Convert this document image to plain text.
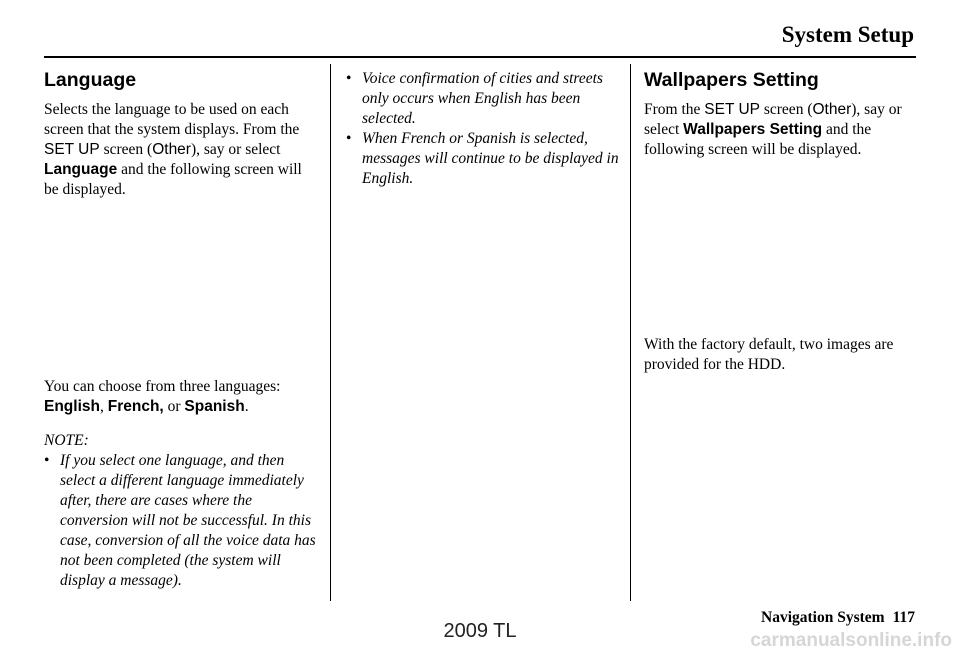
System Setup
Language

Selects the language to be used on each screen that the system displays. From the SET UP screen (Other), say or select Language and the following screen will be displayed.

You can choose from three languages:
English, French, or Spanish.

NOTE:

• If you select one language, and then select a different language immediately after, there are cases where the conversion will not be successful. In this case, conversion of all the voice data has not been completed (the system will display a message).
• Voice confirmation of cities and streets only occurs when English has been selected.
• When French or Spanish is selected, messages will continue to be displayed in English.
Wallpapers Setting

From the SET UP screen (Other), say or select Wallpapers Setting and the following screen will be displayed.

With the factory default, two images are provided for the HDD.

Navigation System 117

2009 TL	carmanualsonline.info
